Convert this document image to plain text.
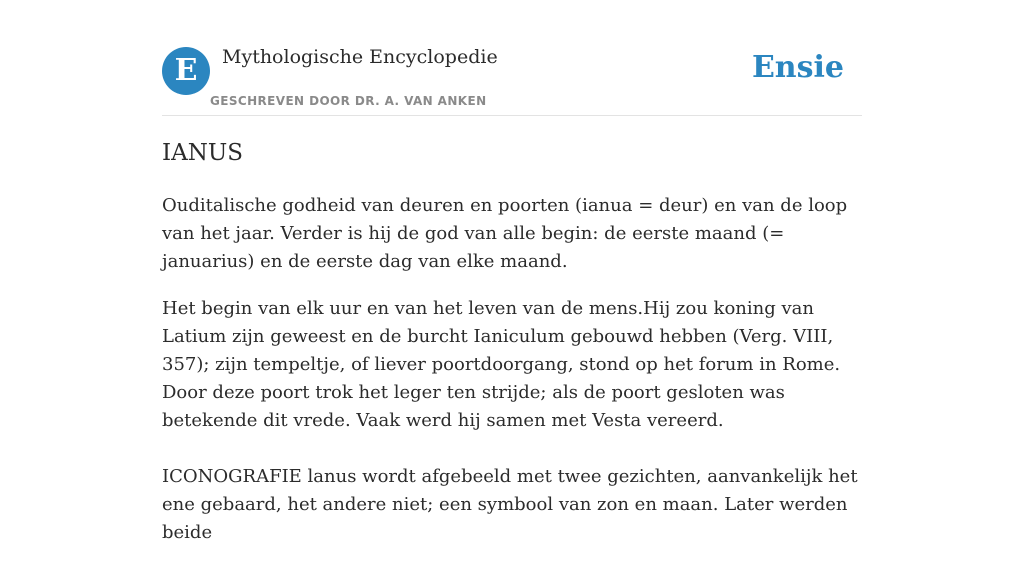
E	Mythologische Encyclopedie
GESCHREVEN DOOR DR. A. VAN ANKEN
Ensie
IANUS

Ouditalische godheid van deuren en poorten (ianua = deur) en van de loop van het jaar. Verder is hij de god van alle begin: de eerste maand (= januarius) en de eerste dag van elke maand.

Het begin van elk uur en van het leven van de mens.Hij zou koning van Latium zijn geweest en de burcht Ianiculum gebouwd hebben (Verg. VIII, 357); zijn tempeltje, of liever poortdoorgang, stond op het forum in Rome. Door deze poort trok het leger ten strijde; als de poort gesloten was betekende dit vrede. Vaak werd hij samen met Vesta vereerd.

ICONOGRAFIE lanus wordt afgebeeld met twee gezichten, aanvankelijk het ene gebaard, het andere niet; een symbool van zon en maan. Later werden beide
